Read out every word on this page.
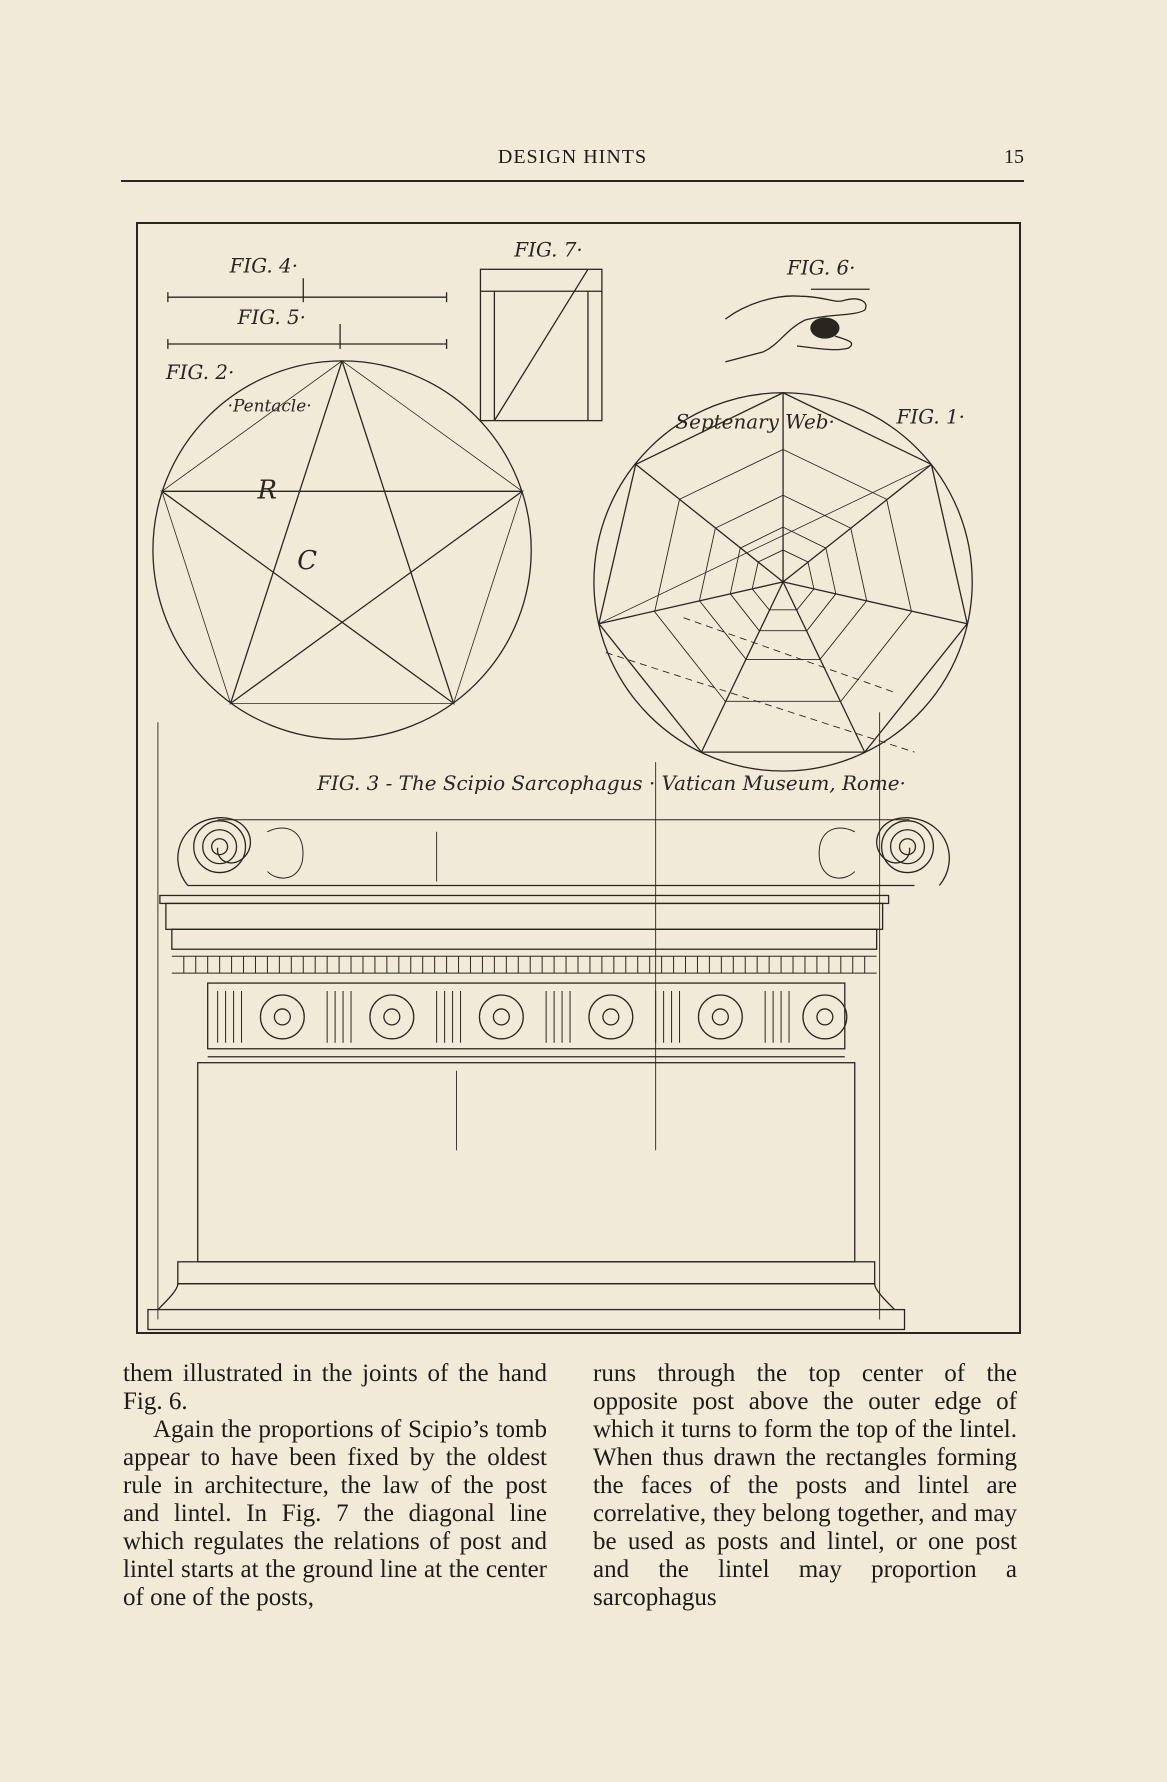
DESIGN HINTS	15
FIG. 4·
FIG. 5·
FIG. 7·
FIG. 6·
FIG. 2·
·Pentacle·
R
C
FIG. 1·
Septenary Web·
FIG. 3 - The Scipio Sarcophagus · Vatican Museum, Rome·

them illustrated in the joints of the hand Fig. 6.

Again the proportions of Scipio’s tomb appear to have been fixed by the oldest rule in architecture, the law of the post and lintel. In Fig. 7 the diagonal line which regulates the relations of post and lintel starts at the ground line at the center of one of the posts,

runs through the top center of the opposite post above the outer edge of which it turns to form the top of the lintel. When thus drawn the rectangles forming the faces of the posts and lintel are correlative, they belong together, and may be used as posts and lintel, or one post and the lintel may proportion a sarcophagus
